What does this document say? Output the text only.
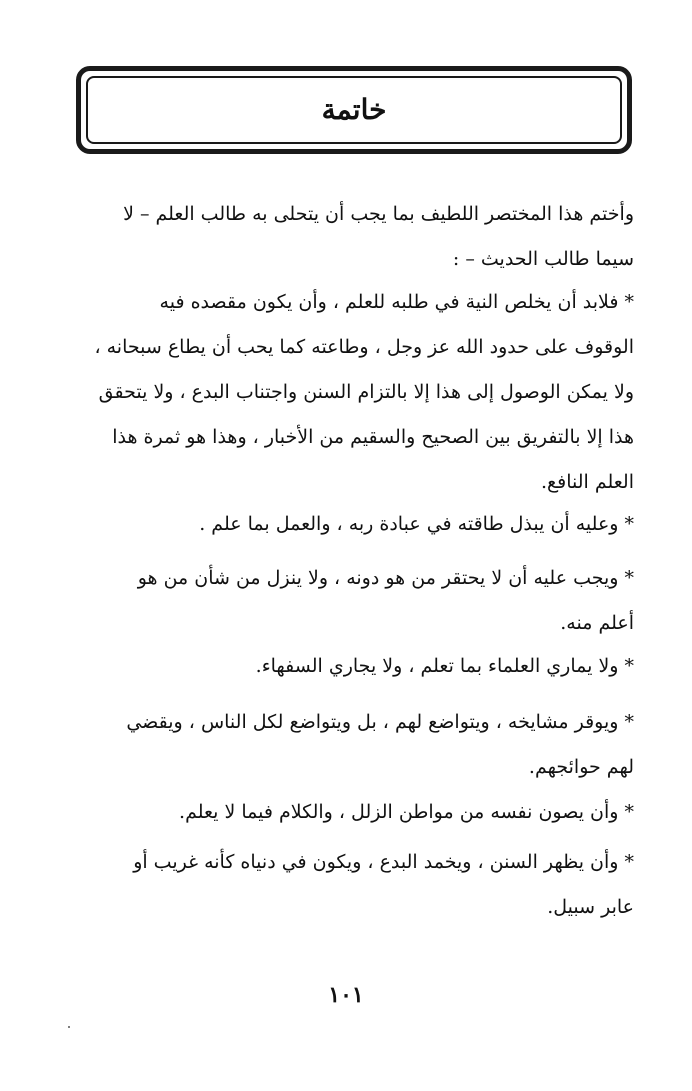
خاتمة
وأختم هذا المختصر اللطيف بما يجب أن يتحلى به طالب العلم – لا
سيما طالب الحديث – :
* فلابد أن يخلص النية في طلبه للعلم ، وأن يكون مقصده فيه
الوقوف على حدود الله عز وجل ، وطاعته كما يحب أن يطاع سبحانه ،
ولا يمكن الوصول إلى هذا إلا بالتزام السنن واجتناب البدع ، ولا يتحقق
هذا إلا بالتفريق بين الصحيح والسقيم من الأخبار ، وهذا هو ثمرة هذا
العلم النافع.
* وعليه أن يبذل طاقته في عبادة ربه ، والعمل بما علم .
* ويجب عليه أن لا يحتقر من هو دونه ، ولا ينزل من شأن من هو
أعلم منه.
* ولا يماري العلماء بما تعلم ، ولا يجاري السفهاء.
* ويوقر مشايخه ، ويتواضع لهم ، بل ويتواضع لكل الناس ، ويقضي
لهم حوائجهم.
* وأن يصون نفسه من مواطن الزلل ، والكلام فيما لا يعلم.
* وأن يظهر السنن ، ويخمد البدع ، ويكون في دنياه كأنه غريب أو
عابر سبيل.
١٠١
